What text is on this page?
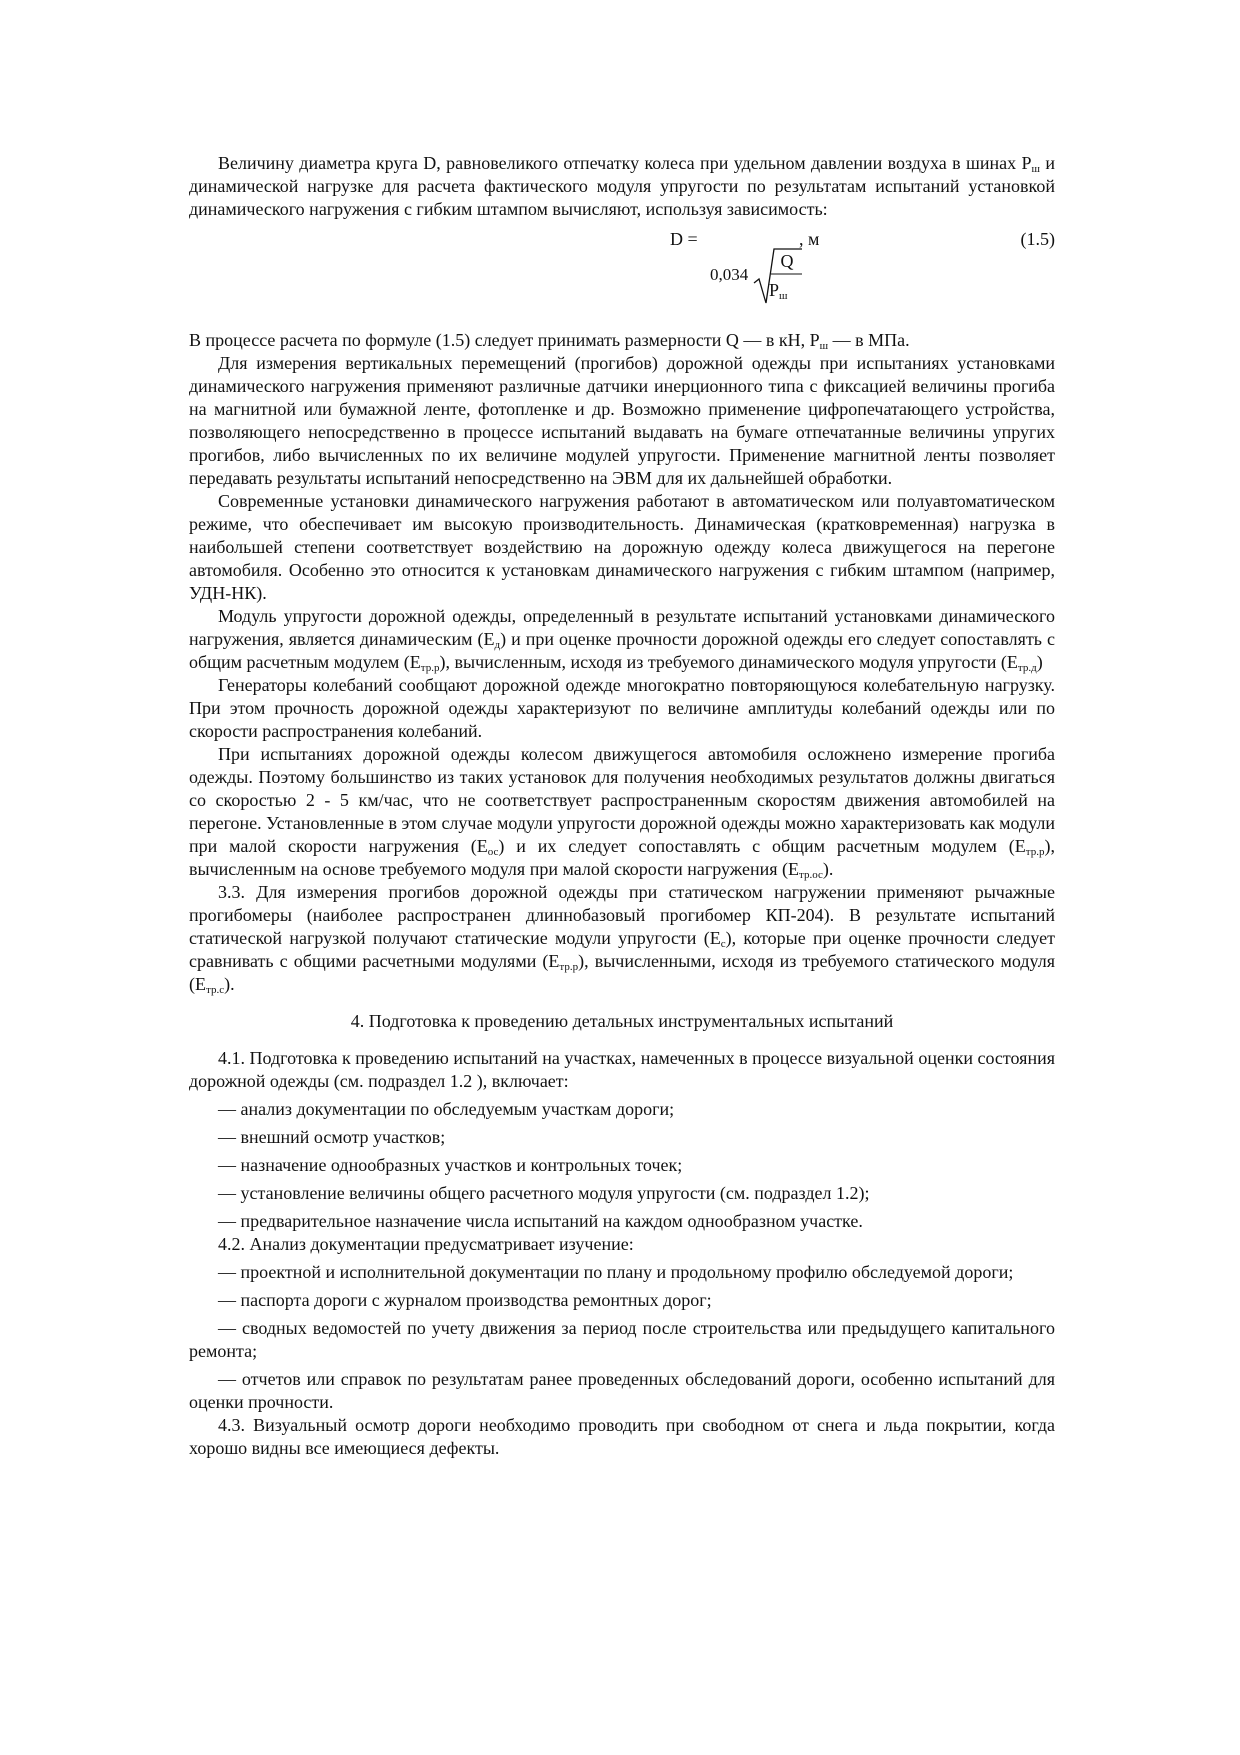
Величину диаметра круга D, равновеликого отпечатку колеса при удельном давлении воздуха в шинах $Р_ш$ и динамической нагрузке для расчета фактического модуля упругости по результатам испытаний установкой динамического нагружения с гибким штампом вычисляют, используя зависимость:

D =	, м	(1.5)
0,034
Q
$Р_ш$

В процессе расчета по формуле (1.5) следует принимать размерности Q — в кН, $Р_ш$ — в МПа.

Для измерения вертикальных перемещений (прогибов) дорожной одежды при испытаниях установками динамического нагружения применяют различные датчики инерционного типа с фиксацией величины прогиба на магнитной или бумажной ленте, фотопленке и др. Возможно применение цифропечатающего устройства, позволяющего непосредственно в процессе испытаний выдавать на бумаге отпечатанные величины упругих прогибов, либо вычисленных по их величине модулей упругости. Применение магнитной ленты позволяет передавать результаты испытаний непосредственно на ЭВМ для их дальнейшей обработки.

Современные установки динамического нагружения работают в автоматическом или полуавтоматическом режиме, что обеспечивает им высокую производительность. Динамическая (кратковременная) нагрузка в наибольшей степени соответствует воздействию на дорожную одежду колеса движущегося на перегоне автомобиля. Особенно это относится к установкам динамического нагружения с гибким штампом (например, УДН-НК).

Модуль упругости дорожной одежды, определенный в результате испытаний установками динамического нагружения, является динамическим $(Е_д)$ и при оценке прочности дорожной одежды его следует сопоставлять с общим расчетным модулем $(Е_{тр.р})$, вычисленным, исходя из требуемого динамического модуля упругости $(Е_{тр.д})$

Генераторы колебаний сообщают дорожной одежде многократно повторяющуюся колебательную нагрузку. При этом прочность дорожной одежды характеризуют по величине амплитуды колебаний одежды или по скорости распространения колебаний.

При испытаниях дорожной одежды колесом движущегося автомобиля осложнено измерение прогиба одежды. Поэтому большинство из таких установок для получения необходимых результатов должны двигаться со скоростью 2 - 5 км/час, что не соответствует распространенным скоростям движения автомобилей на перегоне. Установленные в этом случае модули упругости дорожной одежды можно характеризовать как модули при малой скорости нагружения $(Е_{ос})$ и их следует сопоставлять с общим расчетным модулем $(Е_{тр.р})$, вычисленным на основе требуемого модуля при малой скорости нагружения $(Е_{тр.ос})$.

3.3. Для измерения прогибов дорожной одежды при статическом нагружении применяют рычажные прогибомеры (наиболее распространен длиннобазовый прогибомер КП-204). В результате испытаний статической нагрузкой получают статические модули упругости $(Е_с)$, которые при оценке прочности следует сравнивать с общими расчетными модулями $(Е_{тр.р})$, вычисленными, исходя из требуемого статического модуля $(Е_{тр.с})$.

4. Подготовка к проведению детальных инструментальных испытаний

4.1. Подготовка к проведению испытаний на участках, намеченных в процессе визуальной оценки состояния дорожной одежды (см. подраздел 1.2 ), включает:

— анализ документации по обследуемым участкам дороги;

— внешний осмотр участков;

— назначение однообразных участков и контрольных точек;

— установление величины общего расчетного модуля упругости (см. подраздел 1.2);

— предварительное назначение числа испытаний на каждом однообразном участке.

4.2. Анализ документации предусматривает изучение:

— проектной и исполнительной документации по плану и продольному профилю обследуемой дороги;

— паспорта дороги с журналом производства ремонтных дорог;

— сводных ведомостей по учету движения за период после строительства или предыдущего капитального ремонта;

— отчетов или справок по результатам ранее проведенных обследований дороги, особенно испытаний для оценки прочности.

4.3. Визуальный осмотр дороги необходимо проводить при свободном от снега и льда покрытии, когда хорошо видны все имеющиеся дефекты.
